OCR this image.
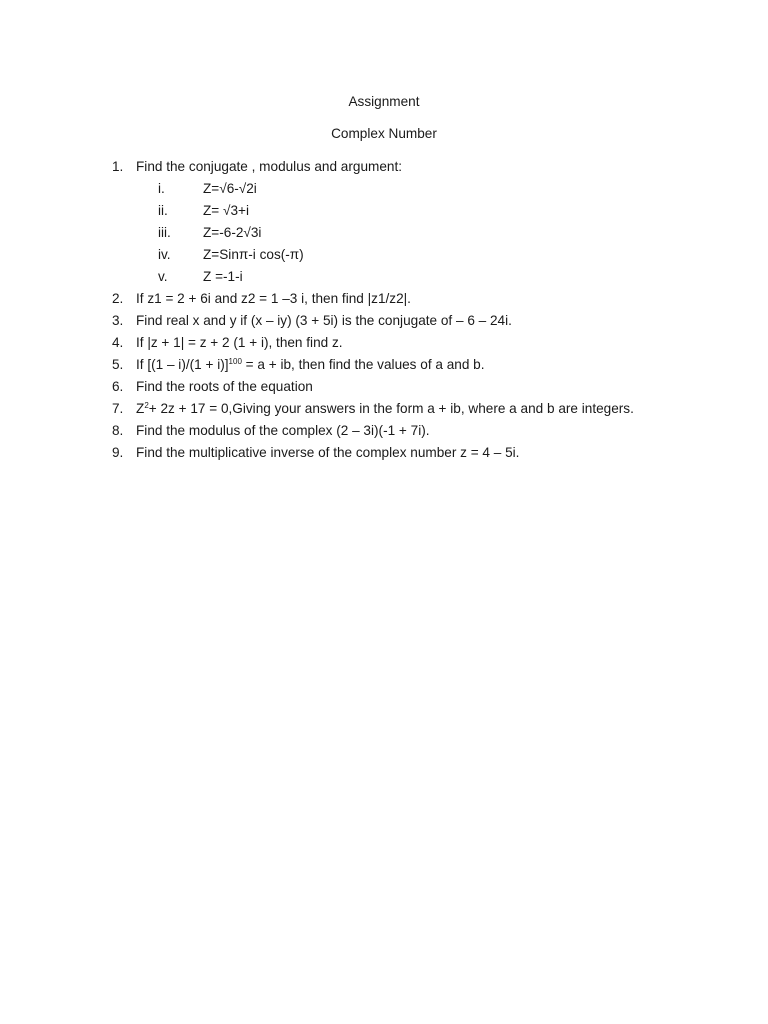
Assignment
Complex Number
1. Find the conjugate , modulus and argument:
i.	Z=√6-√2i
ii.	Z= √3+i
iii.	Z=-6-2√3i
iv.	Z=Sinπ-i cos(-π)
v.	Z =-1-i
2. If z1 = 2 + 6i and z2 = 1 –3 i, then find |z1/z2|.
3. Find real x and y if (x – iy) (3 + 5i) is the conjugate of – 6 – 24i.
4. If |z + 1| = z + 2 (1 + i), then find z.
5. If $[(1 - i)/(1 + i)]^{100} = a$ + ib, then find the values of a and b.
6. Find the roots of the equation
7. $Z^2+ 2z + 17$ = 0,Giving your answers in the form a + ib, where a and b are integers.
8. Find the modulus of the complex (2 – 3i)(-1 + 7i).
9. Find the multiplicative inverse of the complex number z = 4 – 5i.
